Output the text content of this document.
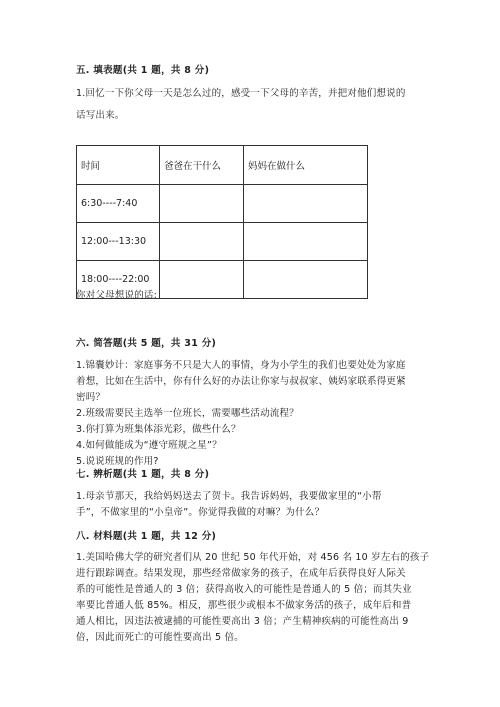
五. 填表题(共 1 题，共 8 分)
1.回忆一下你父母一天是怎么过的，感受一下父母的辛苦，并把对他们想说的
话写出来。
时间	爸爸在干什么	妈妈在做什么
6:30----7:40		
12:00---13:30		
18:00----22:00		
你对父母想说的话:
六. 简答题(共 5 题，共 31 分)
1.锦囊妙计：家庭事务不只是大人的事情，身为小学生的我们也要处处为家庭
着想，比如在生活中，你有什么好的办法让你家与叔叔家、姨妈家联系得更紧
密吗？
2.班级需要民主选举一位班长，需要哪些活动流程？
3.你打算为班集体添光彩，做些什么？
4.如何做能成为“遵守班规之星”？
5.说说班规的作用?
七. 辨析题(共 1 题，共 8 分)
1.母亲节那天，我给妈妈送去了贺卡。我告诉妈妈，我要做家里的“小帮
手”，不做家里的“小皇帝”。你觉得我做的对嘛？为什么？
八. 材料题(共 1 题，共 12 分)
1.美国哈佛大学的研究者们从 20 世纪 50 年代开始，对 456 名 10 岁左右的孩子
进行跟踪调查。结果发现，那些经常做家务的孩子，在成年后获得良好人际关
系的可能性是普通人的 3 倍；获得高收入的可能性是普通人的 5 倍；而其失业
率要比普通人低 85%。相反，那些很少或根本不做家务活的孩子，成年后和普
通人相比，因违法被逮捕的可能性要高出 3 倍；产生精神疾病的可能性高出 9
倍，因此而死亡的可能性要高出 5 倍。
